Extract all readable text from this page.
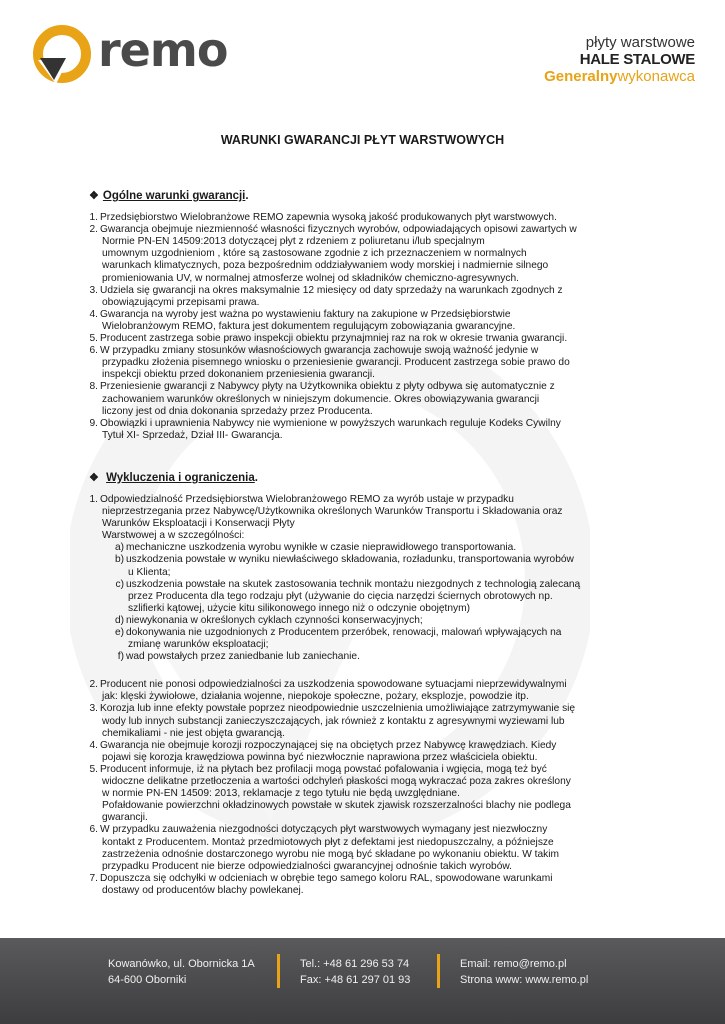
remo	płyty warstwowe
HALE STALOWE
Generalnywykonawca
WARUNKI GWARANCJI PŁYT WARSTWOWYCH
❖ Ogólne warunki gwarancji.
1. Przedsiębiorstwo Wielobranżowe REMO zapewnia wysoką jakość produkowanych płyt warstwowych.

2. Gwarancja obejmuje niezmienność własności fizycznych wyrobów, odpowiadających opisowi zawartych w

Normie PN-EN 14509:2013 dotyczącej płyt z rdzeniem z poliuretanu i/lub specjalnym

umownym uzgodnieniom , które są zastosowane zgodnie z ich przeznaczeniem w normalnych

warunkach klimatycznych, poza bezpośrednim oddziaływaniem wody morskiej i nadmiernie silnego

promieniowania UV, w normalnej atmosferze wolnej od składników chemiczno-agresywnych.

3. Udziela się gwarancji na okres maksymalnie 12 miesięcy od daty sprzedaży na warunkach zgodnych z

obowiązującymi przepisami prawa.

4. Gwarancja na wyroby jest ważna po wystawieniu faktury na zakupione w Przedsiębiorstwie

Wielobranżowym REMO, faktura jest dokumentem regulującym zobowiązania gwarancyjne.

5. Producent zastrzega sobie prawo inspekcji obiektu przynajmniej raz na rok w okresie trwania gwarancji.

6. W przypadku zmiany stosunków własnościowych gwarancja zachowuje swoją ważność jedynie w

przypadku złożenia pisemnego wniosku o przeniesienie gwarancji. Producent zastrzega sobie prawo do

inspekcji obiektu przed dokonaniem przeniesienia gwarancji.

8. Przeniesienie gwarancji z Nabywcy płyty na Użytkownika obiektu z płyty odbywa się automatycznie z

zachowaniem warunków określonych w niniejszym dokumencie. Okres obowiązywania gwarancji

liczony jest od dnia dokonania sprzedaży przez Producenta.

9. Obowiązki i uprawnienia Nabywcy nie wymienione w powyższych warunkach reguluje Kodeks Cywilny

Tytuł XI- Sprzedaż, Dział III- Gwarancja.

❖ Wykluczenia i ograniczenia.
1. Odpowiedzialność Przedsiębiorstwa Wielobranżowego REMO za wyrób ustaje w przypadku

nieprzestrzegania przez Nabywcę/Użytkownika określonych Warunków Transportu i Składowania oraz

Warunków Eksploatacji i Konserwacji Płyty

Warstwowej a w szczególności:

a) mechaniczne uszkodzenia wyrobu wynikłe w czasie nieprawidłowego transportowania.

b) uszkodzenia powstałe w wyniku niewłaściwego składowania, rozładunku, transportowania wyrobów

u Klienta;

c) uszkodzenia powstałe na skutek zastosowania technik montażu niezgodnych z technologią zalecaną

przez Producenta dla tego rodzaju płyt (używanie do cięcia narzędzi ściernych obrotowych np.

szlifierki kątowej, użycie kitu silikonowego innego niż o odczynie obojętnym)

d) niewykonania w określonych cyklach czynności konserwacyjnych;

e) dokonywania nie uzgodnionych z Producentem przeróbek, renowacji, malowań wpływających na

zmianę warunków eksploatacji;

f) wad powstałych przez zaniedbanie lub zaniechanie.

2. Producent nie ponosi odpowiedzialności za uszkodzenia spowodowane sytuacjami nieprzewidywalnymi

jak: klęski żywiołowe, działania wojenne, niepokoje społeczne, pożary, eksplozje, powodzie itp.

3. Korozja lub inne efekty powstałe poprzez nieodpowiednie uszczelnienia umożliwiające zatrzymywanie się

wody lub innych substancji zanieczyszczających, jak również z kontaktu z agresywnymi wyziewami lub

chemikaliami - nie jest objęta gwarancją.

4. Gwarancja nie obejmuje korozji rozpoczynającej się na obciętych przez Nabywcę krawędziach. Kiedy

pojawi się korozja krawędziowa powinna być niezwłocznie naprawiona przez właściciela obiektu.

5. Producent informuje, iż na płytach bez profilacji mogą powstać pofalowania i wgięcia, mogą też być

widoczne delikatne przetłoczenia a wartości odchyleń płaskości mogą wykraczać poza zakres określony

w normie PN-EN 14509: 2013, reklamacje z tego tytułu nie będą uwzględniane.

Pofałdowanie powierzchni okładzinowych powstałe w skutek zjawisk rozszerzalności blachy nie podlega

gwarancji.

6. W przypadku zauważenia niezgodności dotyczących płyt warstwowych wymagany jest niezwłoczny

kontakt z Producentem. Montaż przedmiotowych płyt z defektami jest niedopuszczalny, a późniejsze

zastrzeżenia odnośnie dostarczonego wyrobu nie mogą być składane po wykonaniu obiektu. W takim

przypadku Producent nie bierze odpowiedzialności gwarancyjnej odnośnie takich wyrobów.

7. Dopuszcza się odchyłki w odcieniach w obrębie tego samego koloru RAL, spowodowane warunkami

dostawy od producentów blachy powlekanej.

Kowanówko, ul. Obornicka 1A
64-600 Oborniki
Tel.: +48 61 296 53 74
Fax: +48 61 297 01 93
Email: remo@remo.pl
Strona www: www.remo.pl
